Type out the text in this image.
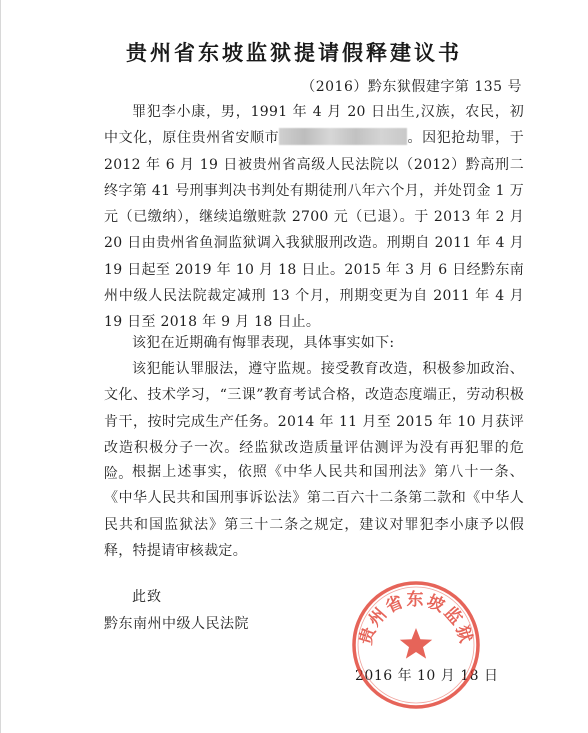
贵州省东坡监狱提请假释建议书
（2016）黔东狱假建字第 135 号

罪犯李小康，男，1991 年 4 月 20 日出生,汉族，农民，初中文化，原住贵州省安顺市	。因犯抢劫罪，于 2012 年 6 月 19 日被贵州省高级人民法院以（2012）黔高刑二终字第 41 号刑事判决书判处有期徒刑八年六个月，并处罚金 1 万元（已缴纳），继续追缴赃款 2700 元（已退）。于 2013 年 2 月 20 日由贵州省鱼洞监狱调入我狱服刑改造。刑期自 2011 年 4 月 19 日起至 2019 年 10 月 18 日止。2015 年 3 月 6 日经黔东南州中级人民法院裁定减刑 13 个月，刑期变更为自 2011 年 4 月 19 日至 2018 年 9 月 18 日止。

该犯在近期确有悔罪表现，具体事实如下:

该犯能认罪服法，遵守监规。接受教育改造，积极参加政治、文化、技术学习，“三课”教育考试合格，改造态度端正，劳动积极肯干，按时完成生产任务。2014 年 11 月至 2015 年 10 月获评改造积极分子一次。经监狱改造质量评估测评为没有再犯罪的危险。 根据上述事实，依照《中华人民共和国刑法》第八十一条、《中华人民共和国刑事诉讼法》第二百六十二条第二款和《中华人民共和国监狱法》第三十二条之规定，建议对罪犯李小康予以假释，特提请审核裁定。

此致
黔东南州中级人民法院
2016 年 10 月 18 日
贵州省东坡监狱
